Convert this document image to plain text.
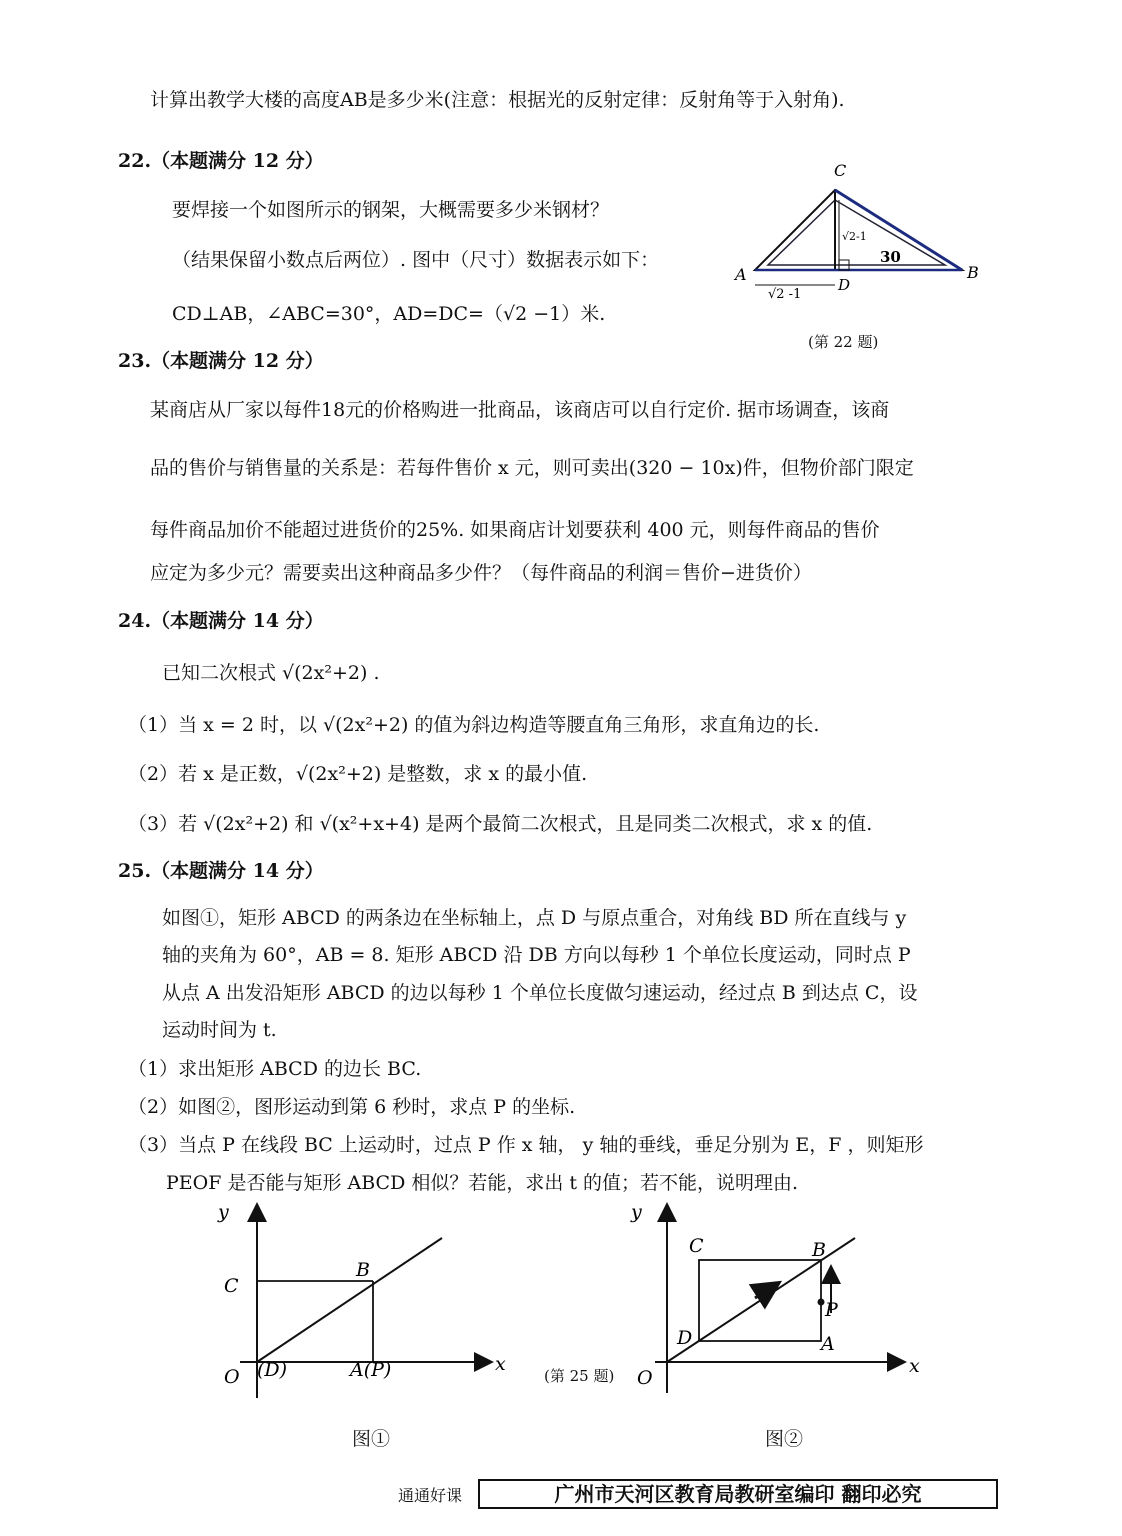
计算出教学大楼的高度AB是多少米(注意：根据光的反射定律：反射角等于入射角).
22.（本题满分 12 分）
要焊接一个如图所示的钢架，大概需要多少米钢材？
（结果保留小数点后两位）. 图中（尺寸）数据表示如下：
CD⊥AB，∠ABC=30°，AD=DC=（√2 −1）米.
C
A	B
D
√2-1
√2 -1
30
(第 22 题)
23.（本题满分 12 分）
某商店从厂家以每件18元的价格购进一批商品，该商店可以自行定价. 据市场调查，该商
品的售价与销售量的关系是：若每件售价 x 元，则可卖出(320 − 10x)件，但物价部门限定
每件商品加价不能超过进货价的25%. 如果商店计划要获利 400 元，则每件商品的售价
应定为多少元？需要卖出这种商品多少件？（每件商品的利润＝售价−进货价）
24.（本题满分 14 分）
已知二次根式 √(2x²+2) .
（1）当 x = 2 时，以 √(2x²+2) 的值为斜边构造等腰直角三角形，求直角边的长.
（2）若 x 是正数，√(2x²+2) 是整数，求 x 的最小值.
（3）若 √(2x²+2) 和 √(x²+x+4) 是两个最简二次根式，且是同类二次根式，求 x 的值.
25.（本题满分 14 分）
如图①，矩形 ABCD 的两条边在坐标轴上，点 D 与原点重合，对角线 BD 所在直线与 y
轴的夹角为 60°，AB = 8. 矩形 ABCD 沿 DB 方向以每秒 1 个单位长度运动，同时点 P
从点 A 出发沿矩形 ABCD 的边以每秒 1 个单位长度做匀速运动，经过点 B 到达点 C，设
运动时间为 t.
（1）求出矩形 ABCD 的边长 BC.
（2）如图②，图形运动到第 6 秒时，求点 P 的坐标.
（3）当点 P 在线段 BC 上运动时，过点 P 作 x 轴， y 轴的垂线，垂足分别为 E，F ，则矩形
PEOF 是否能与矩形 ABCD 相似？若能，求出 t 的值；若不能，说明理由.
y
x
O
C
B
(D)	A(P)
图①
y
x
O
C	B
D	A
P
(第 25 题)
图②
通通好课	广州市天河区教育局教研室编印 翻印必究
